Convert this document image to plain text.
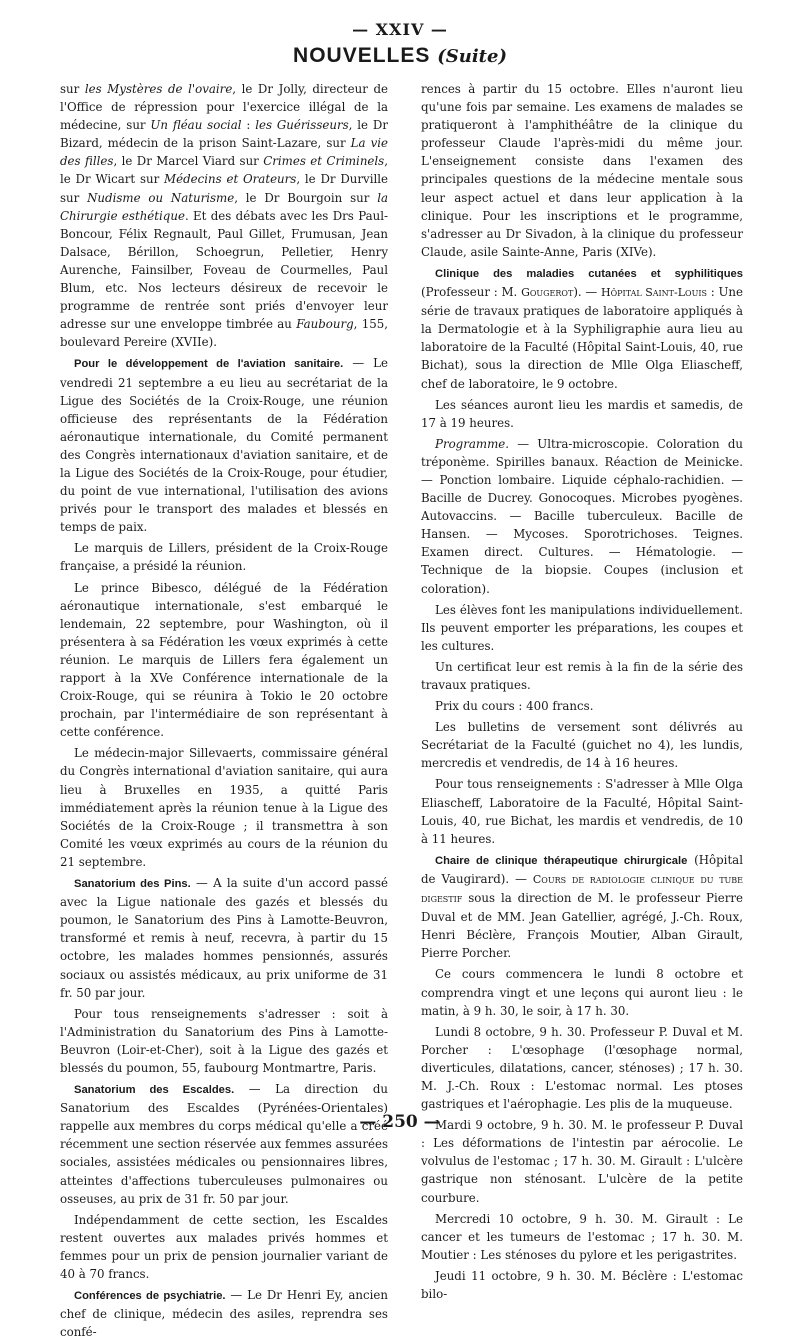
— XXIV —
NOUVELLES (Suite)

sur les Mystères de l'ovaire, le Dr Jolly, directeur de l'Office de répression pour l'exercice illégal de la médecine, sur Un fléau social : les Guérisseurs, le Dr Bizard, médecin de la prison Saint-Lazare, sur La vie des filles, le Dr Marcel Viard sur Crimes et Criminels, le Dr Wicart sur Médecins et Orateurs, le Dr Durville sur Nudisme ou Naturisme, le Dr Bourgoin sur la Chirurgie esthétique. Et des débats avec les Drs Paul-Boncour, Félix Regnault, Paul Gillet, Frumusan, Jean Dalsace, Bérillon, Schoegrun, Pelletier, Henry Aurenche, Fainsilber, Foveau de Courmelles, Paul Blum, etc. Nos lecteurs désireux de recevoir le programme de rentrée sont priés d'envoyer leur adresse sur une enveloppe timbrée au Faubourg, 155, boulevard Pereire (XVIIe).

Pour le développement de l'aviation sanitaire. — Le vendredi 21 septembre a eu lieu au secrétariat de la Ligue des Sociétés de la Croix-Rouge, une réunion officieuse des représentants de la Fédération aéronautique internationale, du Comité permanent des Congrès internationaux d'aviation sanitaire, et de la Ligue des Sociétés de la Croix-Rouge, pour étudier, du point de vue international, l'utilisation des avions privés pour le transport des malades et blessés en temps de paix.

Le marquis de Lillers, président de la Croix-Rouge française, a présidé la réunion.

Le prince Bibesco, délégué de la Fédération aéronautique internationale, s'est embarqué le lendemain, 22 septembre, pour Washington, où il présentera à sa Fédération les vœux exprimés à cette réunion. Le marquis de Lillers fera également un rapport à la XVe Conférence internationale de la Croix-Rouge, qui se réunira à Tokio le 20 octobre prochain, par l'intermédiaire de son représentant à cette conférence.

Le médecin-major Sillevaerts, commissaire général du Congrès international d'aviation sanitaire, qui aura lieu à Bruxelles en 1935, a quitté Paris immédiatement après la réunion tenue à la Ligue des Sociétés de la Croix-Rouge ; il transmettra à son Comité les vœux exprimés au cours de la réunion du 21 septembre.

Sanatorium des Pins. — A la suite d'un accord passé avec la Ligue nationale des gazés et blessés du poumon, le Sanatorium des Pins à Lamotte-Beuvron, transformé et remis à neuf, recevra, à partir du 15 octobre, les malades hommes pensionnés, assurés sociaux ou assistés médicaux, au prix uniforme de 31 fr. 50 par jour.

Pour tous renseignements s'adresser : soit à l'Administration du Sanatorium des Pins à Lamotte-Beuvron (Loir-et-Cher), soit à la Ligue des gazés et blessés du poumon, 55, faubourg Montmartre, Paris.

Sanatorium des Escaldes. — La direction du Sanatorium des Escaldes (Pyrénées-Orientales) rappelle aux membres du corps médical qu'elle a créé récemment une section réservée aux femmes assurées sociales, assistées médicales ou pensionnaires libres, atteintes d'affections tuberculeuses pulmonaires ou osseuses, au prix de 31 fr. 50 par jour.

Indépendamment de cette section, les Escaldes restent ouvertes aux malades privés hommes et femmes pour un prix de pension journalier variant de 40 à 70 francs.

Conférences de psychiatrie. — Le Dr Henri Ey, ancien chef de clinique, médecin des asiles, reprendra ses confé-

rences à partir du 15 octobre. Elles n'auront lieu qu'une fois par semaine. Les examens de malades se pratiqueront à l'amphithéâtre de la clinique du professeur Claude l'après-midi du même jour. L'enseignement consiste dans l'examen des principales questions de la médecine mentale sous leur aspect actuel et dans leur application à la clinique. Pour les inscriptions et le programme, s'adresser au Dr Sivadon, à la clinique du professeur Claude, asile Sainte-Anne, Paris (XIVe).

Clinique des maladies cutanées et syphilitiques (Professeur : M. Gougerot). — Hôpital Saint-Louis : Une série de travaux pratiques de laboratoire appliqués à la Dermatologie et à la Syphiligraphie aura lieu au laboratoire de la Faculté (Hôpital Saint-Louis, 40, rue Bichat), sous la direction de Mlle Olga Eliascheff, chef de laboratoire, le 9 octobre.

Les séances auront lieu les mardis et samedis, de 17 à 19 heures.

Programme. — Ultra-microscopie. Coloration du tréponème. Spirilles banaux. Réaction de Meinicke. — Ponction lombaire. Liquide céphalo-rachidien. — Bacille de Ducrey. Gonocoques. Microbes pyogènes. Autovaccins. — Bacille tuberculeux. Bacille de Hansen. — Mycoses. Sporotrichoses. Teignes. Examen direct. Cultures. — Hématologie. — Technique de la biopsie. Coupes (inclusion et coloration).

Les élèves font les manipulations individuellement. Ils peuvent emporter les préparations, les coupes et les cultures.

Un certificat leur est remis à la fin de la série des travaux pratiques.

Prix du cours : 400 francs.

Les bulletins de versement sont délivrés au Secrétariat de la Faculté (guichet no 4), les lundis, mercredis et vendredis, de 14 à 16 heures.

Pour tous renseignements : S'adresser à Mlle Olga Eliascheff, Laboratoire de la Faculté, Hôpital Saint-Louis, 40, rue Bichat, les mardis et vendredis, de 10 à 11 heures.

Chaire de clinique thérapeutique chirurgicale (Hôpital de Vaugirard). — Cours de radiologie clinique du tube digestif sous la direction de M. le professeur Pierre Duval et de MM. Jean Gatellier, agrégé, J.-Ch. Roux, Henri Béclère, François Moutier, Alban Girault, Pierre Porcher.

Ce cours commencera le lundi 8 octobre et comprendra vingt et une leçons qui auront lieu : le matin, à 9 h. 30, le soir, à 17 h. 30.

Lundi 8 octobre, 9 h. 30. Professeur P. Duval et M. Porcher : L'œsophage (l'œsophage normal, diverticules, dilatations, cancer, sténoses) ; 17 h. 30. M. J.-Ch. Roux : L'estomac normal. Les ptoses gastriques et l'aérophagie. Les plis de la muqueuse.

Mardi 9 octobre, 9 h. 30. M. le professeur P. Duval : Les déformations de l'intestin par aérocolie. Le volvulus de l'estomac ; 17 h. 30. M. Girault : L'ulcère gastrique non sténosant. L'ulcère de la petite courbure.

Mercredi 10 octobre, 9 h. 30. M. Girault : Le cancer et les tumeurs de l'estomac ; 17 h. 30. M. Moutier : Les sténoses du pylore et les perigastrites.

Jeudi 11 octobre, 9 h. 30. M. Béclère : L'estomac bilo-

— 250 —
